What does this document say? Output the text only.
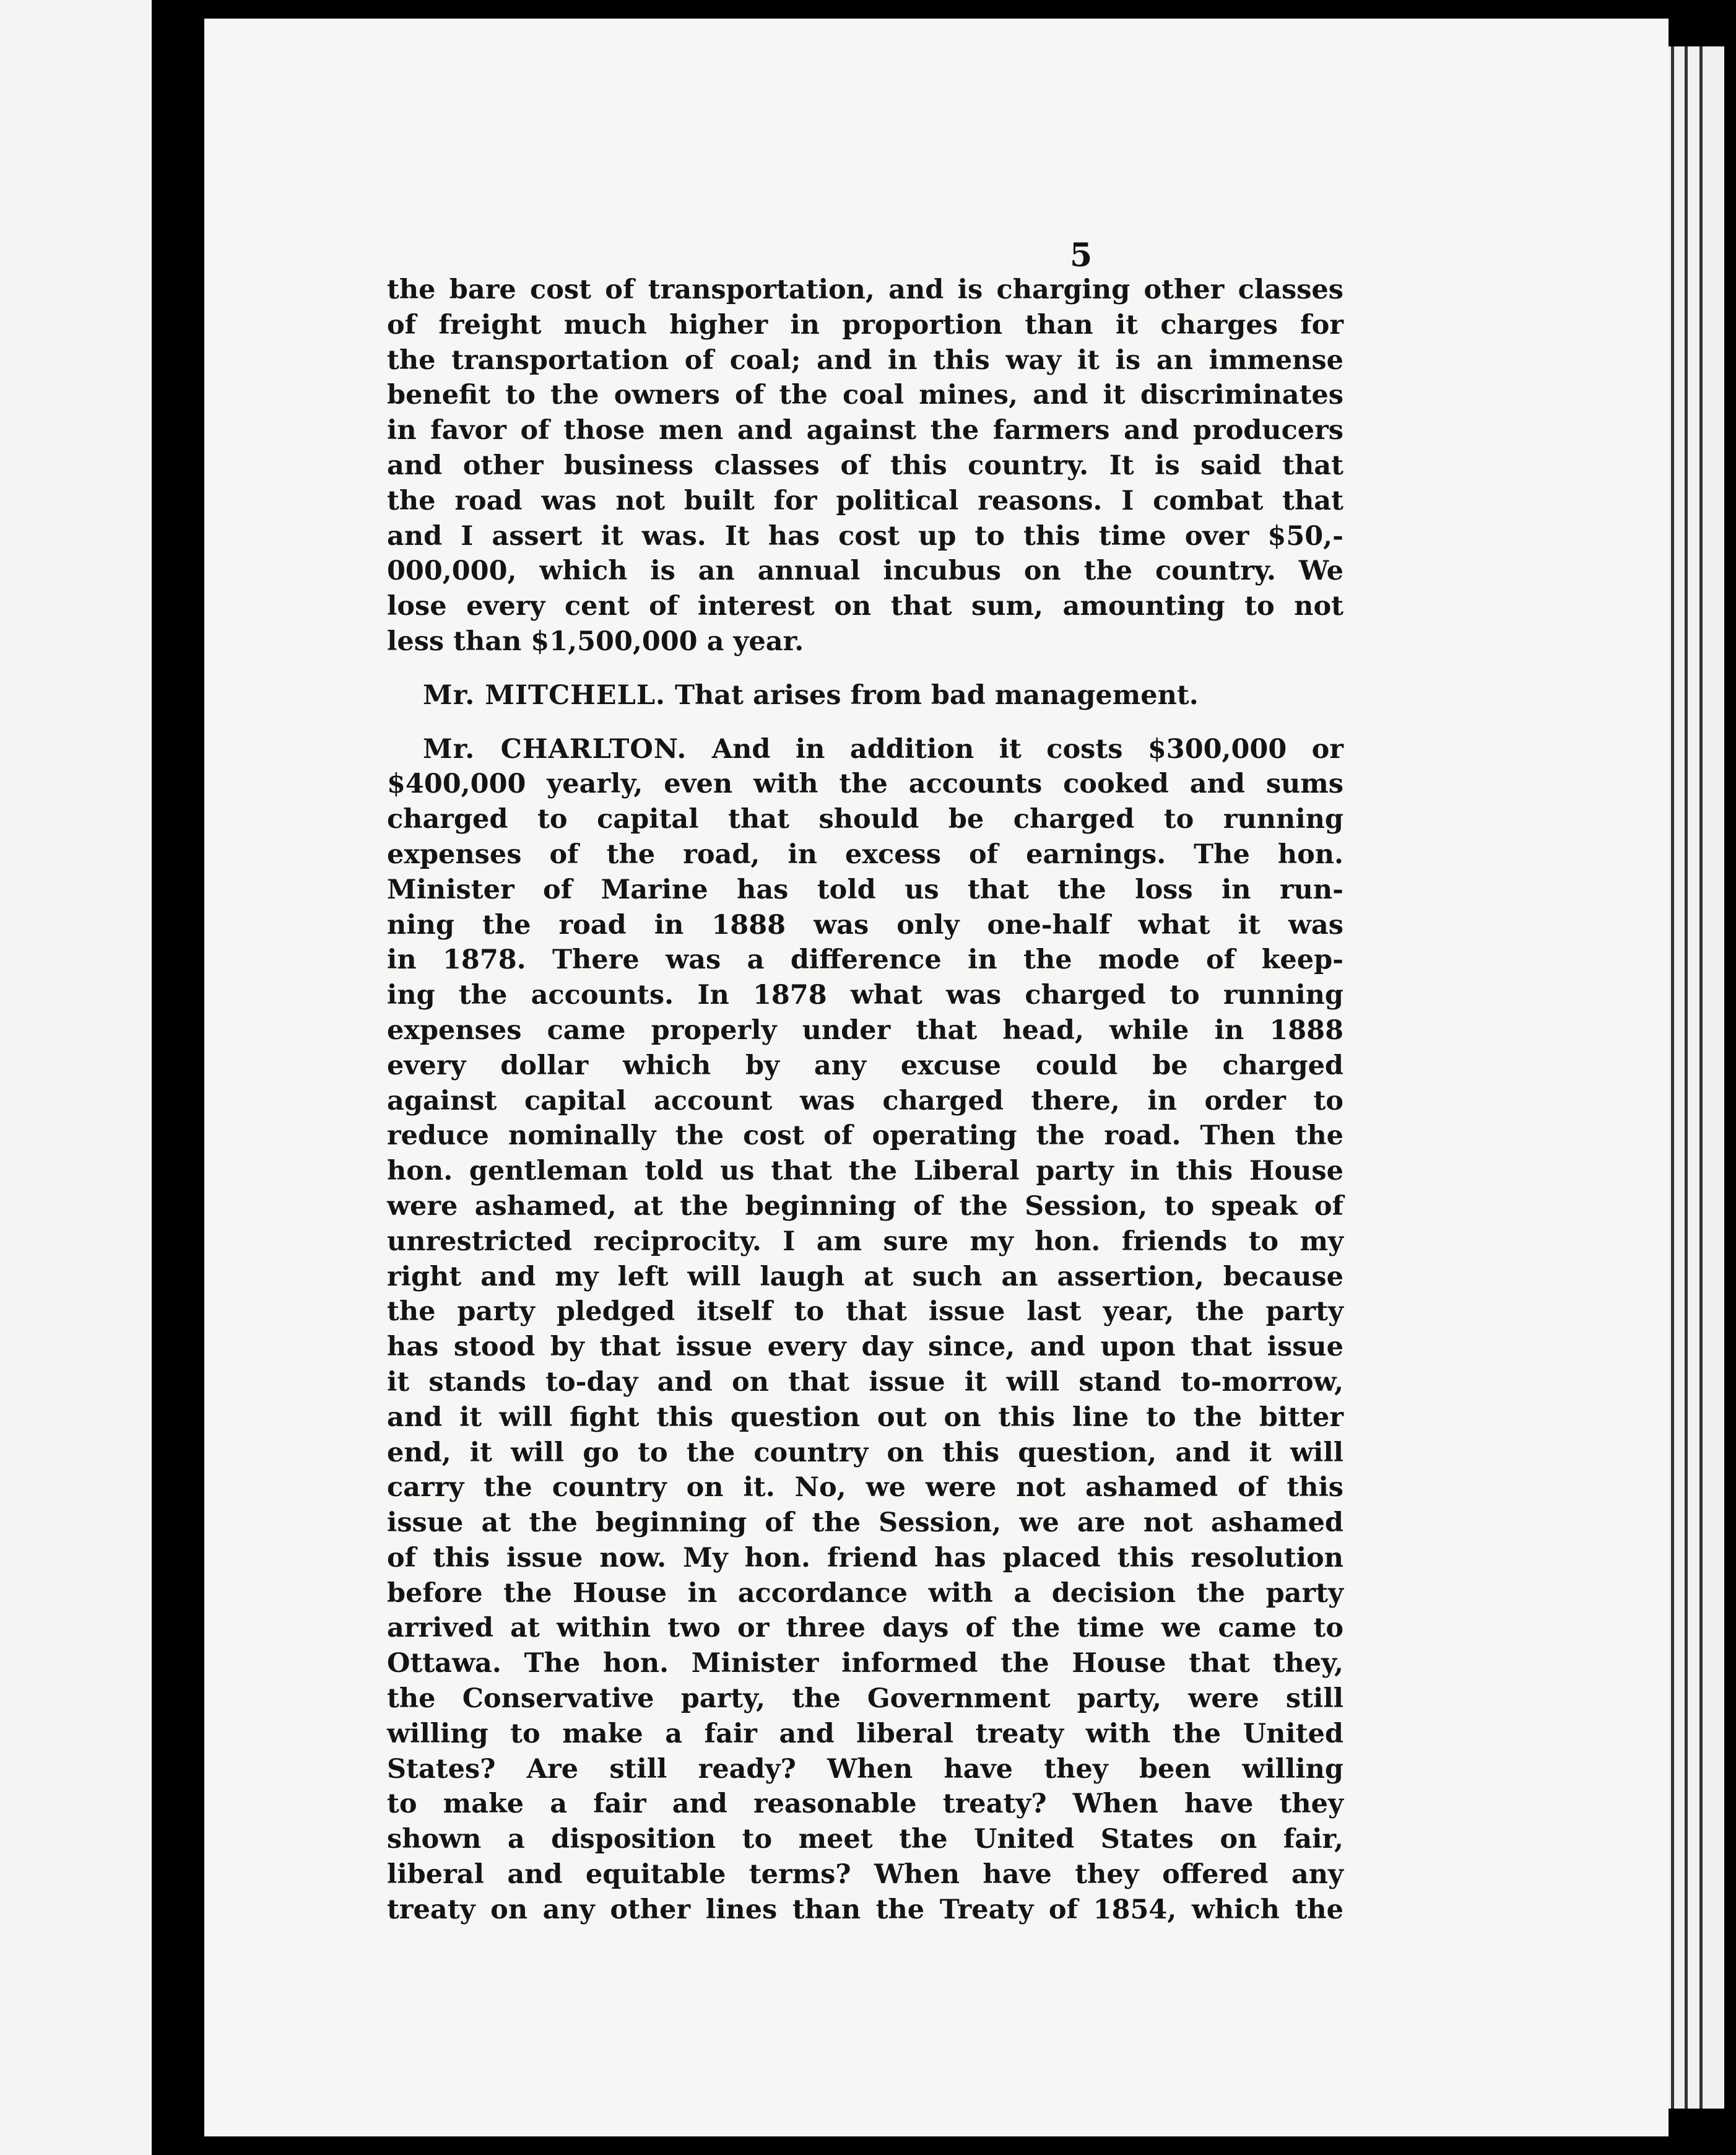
5

the bare cost of transportation, and is charging other classes

of freight much higher in proportion than it charges for

the transportation of coal; and in this way it is an immense

benefit to the owners of the coal mines, and it discriminates

in favor of those men and against the farmers and producers

and other business classes of this country. It is said that

the road was not built for political reasons. I combat that

and I assert it was. It has cost up to this time over $50,-

000,000, which is an annual incubus on the country. We

lose every cent of interest on that sum, amounting to not

less than $1,500,000 a year.

Mr. MITCHELL. That arises from bad management.

Mr. CHARLTON. And in addition it costs $300,000 or

$400,000 yearly, even with the accounts cooked and sums

charged to capital that should be charged to running

expenses of the road, in excess of earnings. The hon.

Minister of Marine has told us that the loss in run-

ning the road in 1888 was only one-half what it was

in 1878. There was a difference in the mode of keep-

ing the accounts. In 1878 what was charged to running

expenses came properly under that head, while in 1888

every dollar which by any excuse could be charged

against capital account was charged there, in order to

reduce nominally the cost of operating the road. Then the

hon. gentleman told us that the Liberal party in this House

were ashamed, at the beginning of the Session, to speak of

unrestricted reciprocity. I am sure my hon. friends to my

right and my left will laugh at such an assertion, because

the party pledged itself to that issue last year, the party

has stood by that issue every day since, and upon that issue

it stands to-day and on that issue it will stand to-morrow,

and it will fight this question out on this line to the bitter

end, it will go to the country on this question, and it will

carry the country on it. No, we were not ashamed of this

issue at the beginning of the Session, we are not ashamed

of this issue now. My hon. friend has placed this resolution

before the House in accordance with a decision the party

arrived at within two or three days of the time we came to

Ottawa. The hon. Minister informed the House that they,

the Conservative party, the Government party, were still

willing to make a fair and liberal treaty with the United

States? Are still ready? When have they been willing

to make a fair and reasonable treaty? When have they

shown a disposition to meet the United States on fair,

liberal and equitable terms? When have they offered any

treaty on any other lines than the Treaty of 1854, which the
